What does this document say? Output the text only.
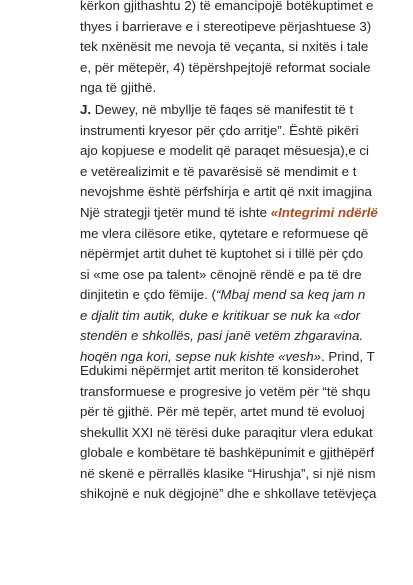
kërkon gjithashtu 2) të emancipojë botëkuptimet e
thyes i barrierave e i stereotipeve përjashtuese 3)
tek nxënësit me nevoja të veçanta, si nxitës i tale
e, për mëtepër, 4) tëpërshpejtojë reformat sociale
nga të gjithë.
J. Dewey, në mbyllje të faqes së manifestit të t
instrumenti kryesor për çdo arritje”. Është pikëri
ajo kopjuese e modelit që paraqet mësuesja),e ci
e vetërealizimit e të pavarësisë së mendimit e t
nevojshme është përfshirja e artit që nxit imagjina
Një strategji tjetër mund të ishte «Integrimi ndërlë
me vlera cilësore etike, qytetare e reformuese që
nëpërmjet artit duhet të kuptohet si i tillë për çdo
si «me ose pa talent» cënojnë rëndë e pa të dre
dinjitetin e çdo fëmije. (“Mbaj mend sa keq jam n
e djalit tim autik, duke e kritikuar se nuk ka «dor
stendën e shkollës, pasi janë vetëm zhgaravina.
hoqën nga kori, sepse nuk kishte «vesh». Prind, T
Edukimi nëpërmjet artit meriton të konsiderohet
transformuese e progresive jo vetëm për “të shqu
për të gjithë. Për më tepër, artet mund të evoluoj
shekullit XXI në tërësi duke paraqitur vlera edukat
globale e kombëtare të bashkëpunimit e gjithëpërf
në skenë e përrallës klasike “Hirushja”, si një nism
shikojnë e nuk dëgjojnë” dhe e shkollave tetëvjeça
